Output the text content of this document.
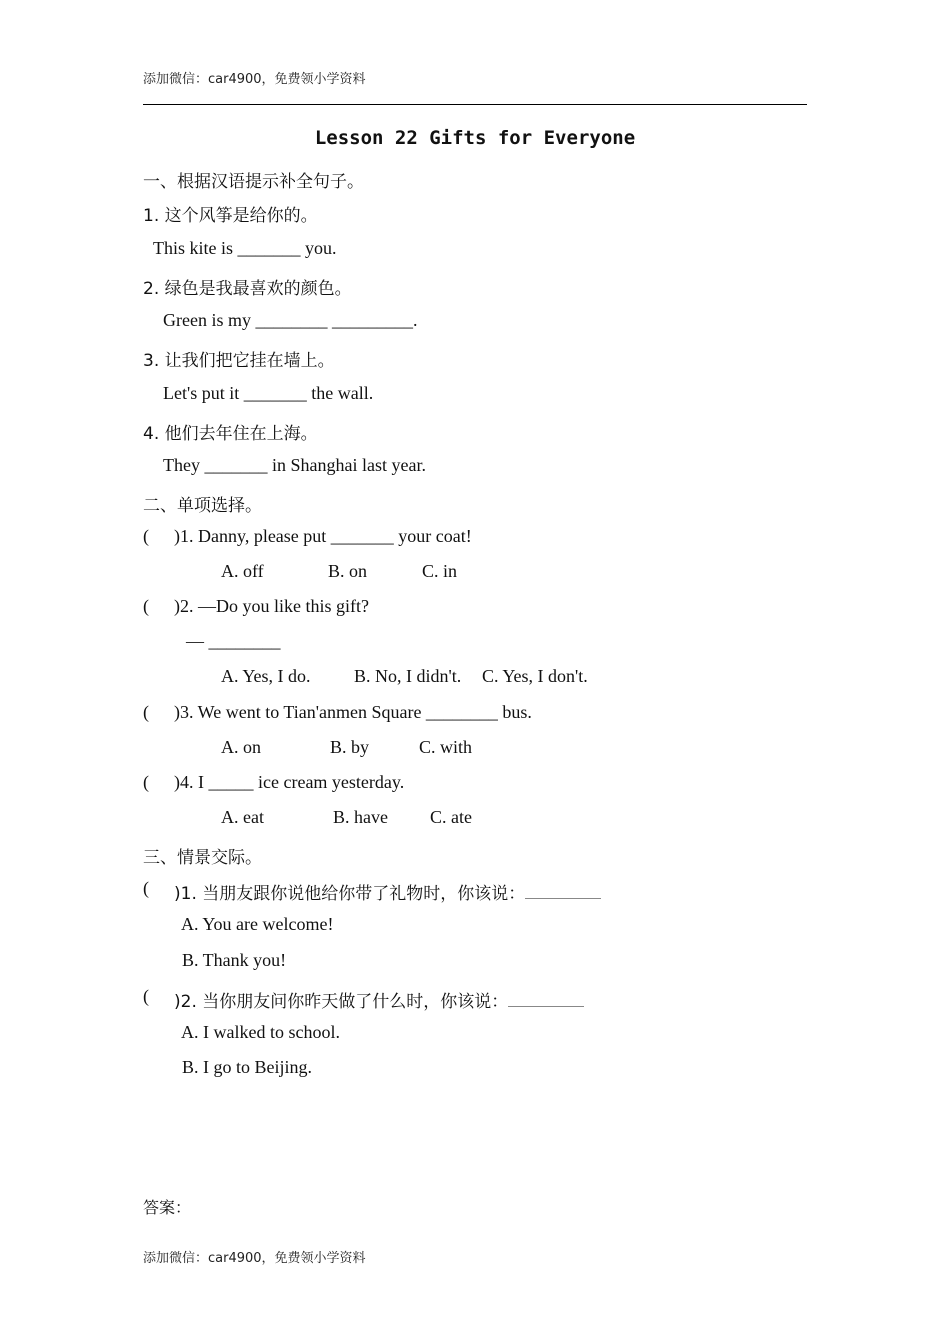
添加微信：car4900，免费领小学资料
Lesson 22 Gifts for Everyone
一、根据汉语提示补全句子。
1. 这个风筝是给你的。
This kite is _______ you.
2. 绿色是我最喜欢的颜色。
Green is my ________ _________.
3. 让我们把它挂在墙上。
Let's put it _______ the wall.
4. 他们去年住在上海。
They _______ in Shanghai last year.
二、单项选择。
( )1. Danny, please put _______ your coat!
A. off	B. on	C. in
( )2. —Do you like this gift?
— ________
A. Yes, I do. B. No, I didn't. C. Yes, I don't.
( )3. We went to Tian'anmen Square ________ bus.
A. on	B. by	C. with
( )4. I _____ ice cream yesterday.
A. eat	B. have C. ate
三、情景交际。
( )1. 当朋友跟你说他给你带了礼物时，你该说：
A. You are welcome!
B. Thank you!
( )2. 当你朋友问你昨天做了什么时，你该说：
A. I walked to school.
B. I go to Beijing.
答案：
添加微信：car4900，免费领小学资料
